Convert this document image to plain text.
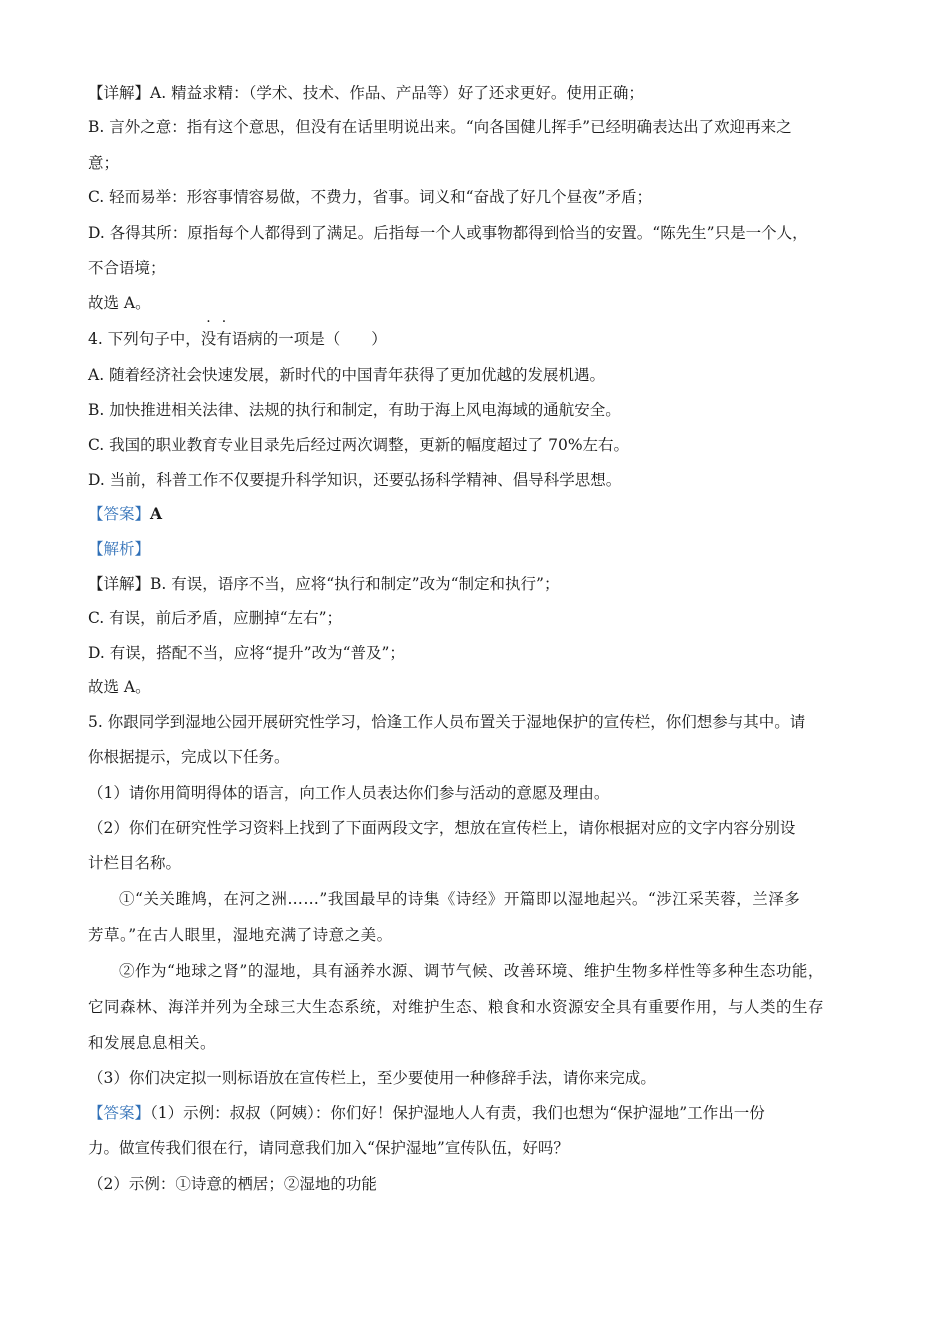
【详解】A. 精益求精：（学术、技术、作品、产品等）好了还求更好。使用正确；
B. 言外之意：指有这个意思，但没有在话里明说出来。“向各国健儿挥手”已经明确表达出了欢迎再来之
意；
C. 轻而易举：形容事情容易做，不费力，省事。词义和“奋战了好几个昼夜”矛盾；
D. 各得其所：原指每个人都得到了满足。后指每一个人或事物都得到恰当的安置。“陈先生”只是一个人，
不合语境；
故选 A。
4. 下列句子中，没有语病的一项是（　　）
A. 随着经济社会快速发展，新时代的中国青年获得了更加优越的发展机遇。
B. 加快推进相关法律、法规的执行和制定，有助于海上风电海域的通航安全。
C. 我国的职业教育专业目录先后经过两次调整，更新的幅度超过了 70%左右。
D. 当前，科普工作不仅要提升科学知识，还要弘扬科学精神、倡导科学思想。
【答案】A
【解析】
【详解】B. 有误，语序不当，应将“执行和制定”改为“制定和执行”；
C. 有误，前后矛盾，应删掉“左右”；
D. 有误，搭配不当，应将“提升”改为“普及”；
故选 A。
5. 你跟同学到湿地公园开展研究性学习，恰逢工作人员布置关于湿地保护的宣传栏，你们想参与其中。请
你根据提示，完成以下任务。
（1）请你用简明得体的语言，向工作人员表达你们参与活动的意愿及理由。
（2）你们在研究性学习资料上找到了下面两段文字，想放在宣传栏上，请你根据对应的文字内容分别设
计栏目名称。
①“关关雎鸠，在河之洲……”我国最早的诗集《诗经》开篇即以湿地起兴。“涉江采芙蓉，兰泽多
芳草。”在古人眼里，湿地充满了诗意之美。
②作为“地球之肾”的湿地，具有涵养水源、调节气候、改善环境、维护生物多样性等多种生态功能，
它同森林、海洋并列为全球三大生态系统，对维护生态、粮食和水资源安全具有重要作用，与人类的生存
和发展息息相关。
（3）你们决定拟一则标语放在宣传栏上，至少要使用一种修辞手法，请你来完成。
【答案】（1）示例：叔叔（阿姨）：你们好！保护湿地人人有责，我们也想为“保护湿地”工作出一份
力。做宣传我们很在行，请同意我们加入“保护湿地”宣传队伍，好吗？
（2）示例：①诗意的栖居；②湿地的功能
